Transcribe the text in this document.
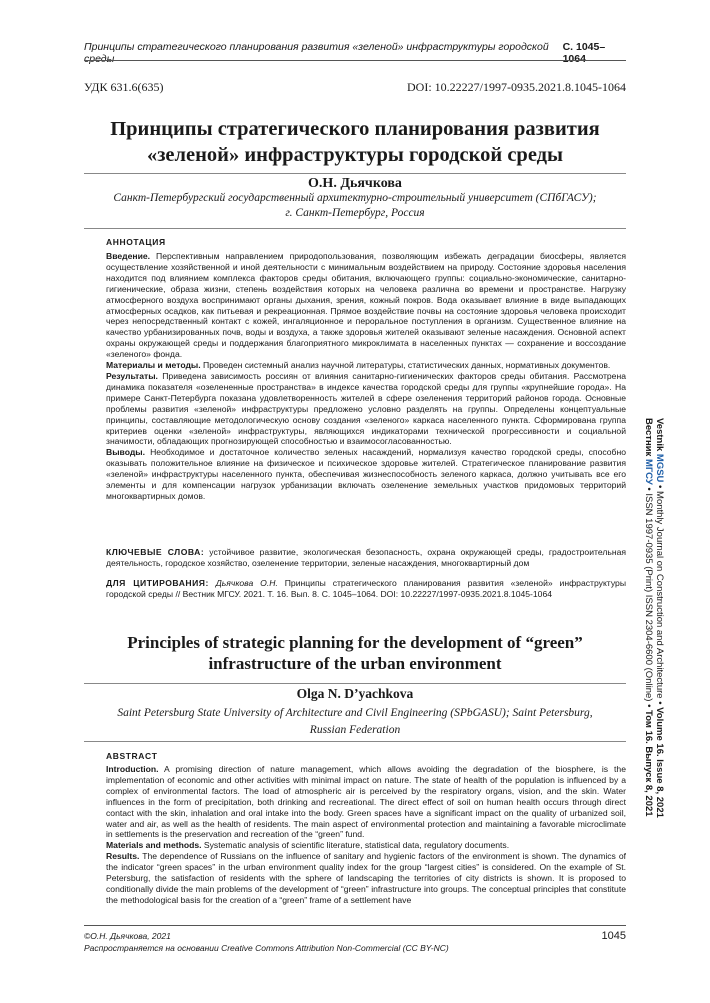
Принципы стратегического планирования развития «зеленой» инфраструктуры городской среды
С. 1045–1064
УДК 631.6(635)	DOI: 10.22227/1997-0935.2021.8.1045-1064
Принципы стратегического планирования развития
«зеленой» инфраструктуры городской среды
О.Н. Дьячкова
Санкт-Петербургский государственный архитектурно-строительный университет (СПбГАСУ);
г. Санкт-Петербург, Россия
АННОТАЦИЯ

Введение. Перспективным направлением природопользования, позволяющим избежать деградации биосферы, является осуществление хозяйственной и иной деятельности с минимальным воздействием на природу. Состояние здоровья населения находится под влиянием комплекса факторов среды обитания, включающего группы: социально-экономические, санитарно-гигиенические, образа жизни, степень воздействия которых на человека различна во времени и пространстве. Нагрузку атмосферного воздуха воспринимают органы дыхания, зрения, кожный покров. Вода оказывает влияние в виде выпадающих атмосферных осадков, как питьевая и рекреационная. Прямое воздействие почвы на состояние здоровья человека происходит через непосредственный контакт с кожей, ингаляционное и пероральное поступления в организм. Существенное влияние на качество урбанизированных почв, воды и воздуха, а также здоровья жителей оказывают зеленые насаждения. Основной аспект охраны окружающей среды и поддержания благоприятного микроклимата в населенных пунктах — сохранение и воссоздание «зеленого» фонда.

Материалы и методы. Проведен системный анализ научной литературы, статистических данных, нормативных документов.

Результаты. Приведена зависимость россиян от влияния санитарно-гигиенических факторов среды обитания. Рассмотрена динамика показателя «озелененные пространства» в индексе качества городской среды для группы «крупнейшие города». На примере Санкт-Петербурга показана удовлетворенность жителей в сфере озеленения территорий районов города. Основные проблемы развития «зеленой» инфраструктуры предложено условно разделять на группы. Определены концептуальные принципы, составляющие методологическую основу создания «зеленого» каркаса населенного пункта. Сформирована группа критериев оценки «зеленой» инфраструктуры, являющихся индикаторами технической прогрессивности и социальной значимости, обладающих прогнозирующей способностью и взаимосогласованностью.

Выводы. Необходимое и достаточное количество зеленых насаждений, нормализуя качество городской среды, способно оказывать положительное влияние на физическое и психическое здоровье жителей. Стратегическое планирование развития «зеленой» инфраструктуры населенного пункта, обеспечивая жизнеспособность зеленого каркаса, должно учитывать все его элементы и для компенсации нагрузок урбанизации включать озеленение земельных участков придомовых территорий многоквартирных домов.

КЛЮЧЕВЫЕ СЛОВА: устойчивое развитие, экологическая безопасность, охрана окружающей среды, градостроительная деятельность, городское хозяйство, озеленение территории, зеленые насаждения, многоквартирный дом

ДЛЯ ЦИТИРОВАНИЯ: Дьячкова О.Н. Принципы стратегического планирования развития «зеленой» инфраструктуры городской среды // Вестник МГСУ. 2021. Т. 16. Вып. 8. С. 1045–1064. DOI: 10.22227/1997-0935.2021.8.1045-1064

Principles of strategic planning for the development of “green”
infrastructure of the urban environment
Olga N. D’yachkova
Saint Petersburg State University of Architecture and Civil Engineering (SPbGASU); Saint Petersburg,
Russian Federation
ABSTRACT

Introduction. A promising direction of nature management, which allows avoiding the degradation of the biosphere, is the implementation of economic and other activities with minimal impact on nature. The state of health of the population is influenced by a complex of environmental factors. The load of atmospheric air is perceived by the respiratory organs, vision, and the skin. Water influences in the form of precipitation, both drinking and recreational. The direct effect of soil on human health occurs through direct contact with the skin, inhalation and oral intake into the body. Green spaces have a significant impact on the quality of urbanized soil, water and air, as well as the health of residents. The main aspect of environmental protection and maintaining a favorable microclimate in settlements is the preservation and recreation of the “green” fund.

Materials and methods. Systematic analysis of scientific literature, statistical data, regulatory documents.

Results. The dependence of Russians on the influence of sanitary and hygienic factors of the environment is shown. The dynamics of the indicator “green spaces” in the urban environment quality index for the group “largest cities” is considered. On the example of St. Petersburg, the satisfaction of residents with the sphere of landscaping the territories of city districts is shown. It is proposed to conditionally divide the main problems of the development of “green” infrastructure into groups. The conceptual principles that constitute the methodological basis for the creation of a “green” frame of a settlement have

©О.Н. Дьячкова, 2021
Распространяется на основании Creative Commons Attribution Non-Commercial (CC BY-NC)
1045
Вестник МГСУ • ISSN 1997-0935 (Print) ISSN 2304-6600 (Online) • Том 16. Выпуск 8, 2021
Vestnik MGSU • Monthly Journal on Construction and Architecture • Volume 16. Issue 8, 2021
